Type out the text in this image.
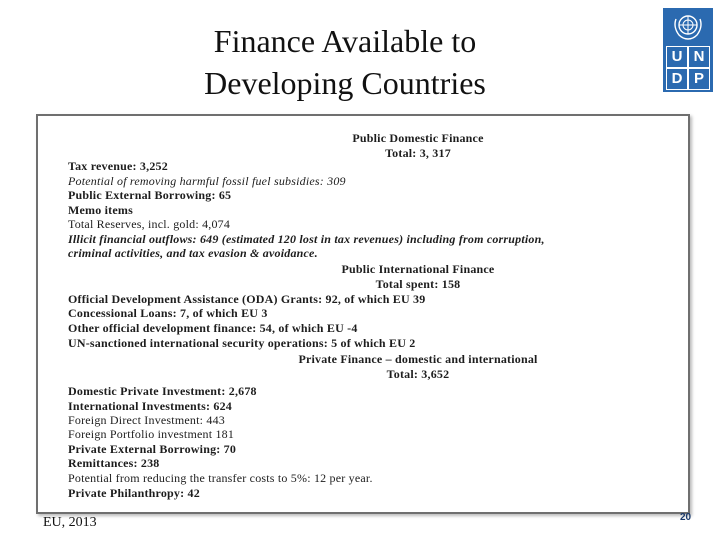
Finance Available to
Developing Countries
U N
D P
Public Domestic Finance
Total: 3, 317
Tax revenue: 3,252
Potential of removing harmful fossil fuel subsidies: 309
Public External Borrowing: 65
Memo items
Total Reserves, incl. gold: 4,074
Illicit financial outflows: 649 (estimated 120 lost in tax revenues) including from corruption,
criminal activities, and tax evasion & avoidance.
Public International Finance
Total spent: 158
Official Development Assistance (ODA) Grants: 92, of which EU 39
Concessional Loans: 7, of which EU 3
Other official development finance: 54, of which EU -4
UN-sanctioned international security operations: 5 of which EU 2
Private Finance – domestic and international
Total: 3,652
Domestic Private Investment: 2,678
International Investments: 624
Foreign Direct Investment: 443
Foreign Portfolio investment 181
Private External Borrowing: 70
Remittances: 238
Potential from reducing the transfer costs to 5%: 12 per year.
Private Philanthropy: 42
EU, 2013	20
